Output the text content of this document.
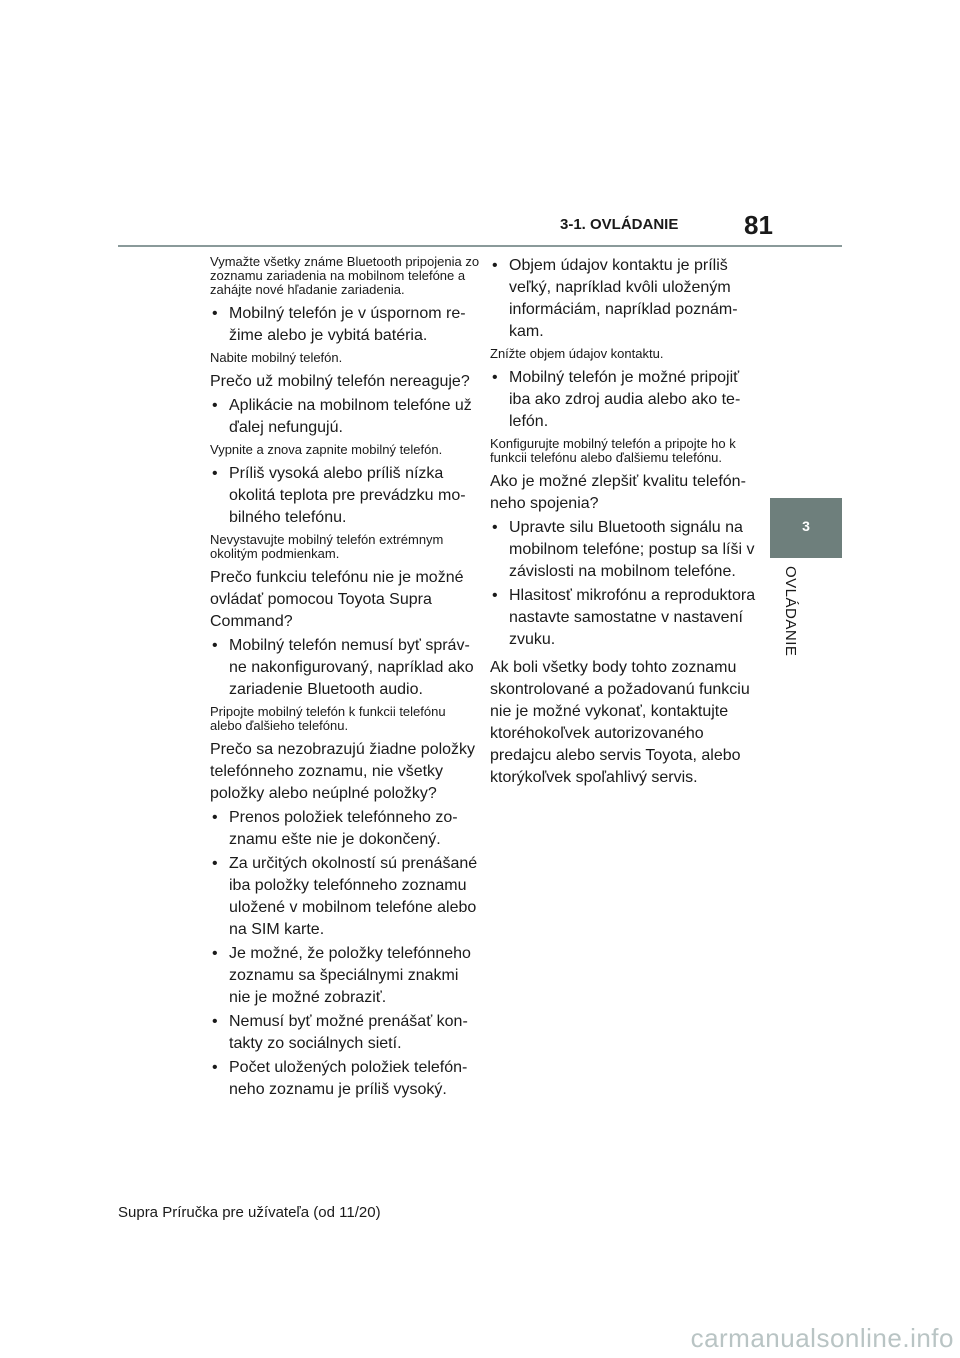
3-1. OVLÁDANIE	81
3
OVLÁDANIE

Vymažte všetky známe Bluetooth pripojenia zo zoznamu zariadenia na mobilnom telefóne a zahájte nové hľadanie zariadenia.

• Mobilný telefón je v úspornom režime alebo je vybitá batéria.

Nabite mobilný telefón.

Prečo už mobilný telefón nereaguje?

• Aplikácie na mobilnom telefóne už ďalej nefungujú.

Vypnite a znova zapnite mobilný telefón.

• Príliš vysoká alebo príliš nízka okolitá teplota pre prevádzku mobilného telefónu.

Nevystavujte mobilný telefón extrémnym okolitým podmienkam.

Prečo funkciu telefónu nie je možné ovládať pomocou Toyota Supra Command?

• Mobilný telefón nemusí byť správne nakonfigurovaný, napríklad ako zariadenie Bluetooth audio.

Pripojte mobilný telefón k funkcii telefónu alebo ďalšieho telefónu.

Prečo sa nezobrazujú žiadne položky telefónneho zoznamu, nie všetky položky alebo neúplné položky?

• Prenos položiek telefónneho zoznamu ešte nie je dokončený.
• Za určitých okolností sú prenášané iba položky telefónneho zoznamu uložené v mobilnom telefóne alebo na SIM karte.
• Je možné, že položky telefónneho zoznamu sa špeciálnymi znakmi nie je možné zobraziť.
• Nemusí byť možné prenášať kontakty zo sociálnych sietí.
• Počet uložených položiek telefónneho zoznamu je príliš vysoký.
• Objem údajov kontaktu je príliš veľký, napríklad kvôli uloženým informáciám, napríklad poznámkam.

Znížte objem údajov kontaktu.

• Mobilný telefón je možné pripojiť iba ako zdroj audia alebo ako telefón.

Konfigurujte mobilný telefón a pripojte ho k funkcii telefónu alebo ďalšiemu telefónu.

Ako je možné zlepšiť kvalitu telefónneho spojenia?

• Upravte silu Bluetooth signálu na mobilnom telefóne; postup sa líši v závislosti na mobilnom telefóne.
• Hlasitosť mikrofónu a reproduktora nastavte samostatne v nastavení zvuku.

Ak boli všetky body tohto zoznamu skontrolované a požadovanú funkciu nie je možné vykonať, kontaktujte ktoréhokoľvek autorizovaného predajcu alebo servis Toyota, alebo ktorýkoľvek spoľahlivý servis.

Supra Príručka pre užívateľa (od 11/20)
carmanualsonline.info
